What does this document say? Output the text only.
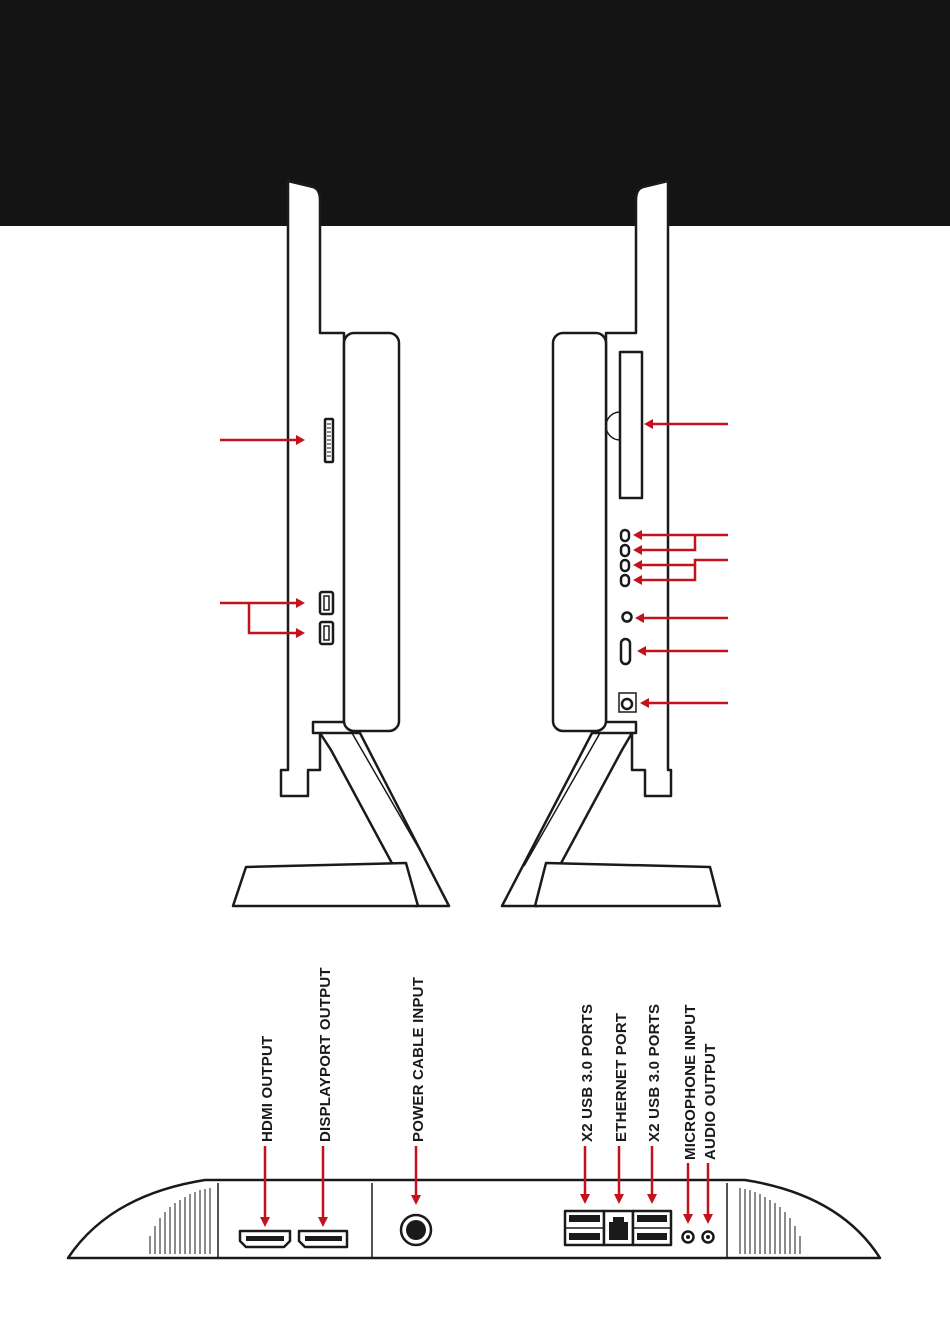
HDMI OUTPUT	DISPLAYPORT OUTPUT	POWER CABLE INPUT	X2 USB 3.0 PORTS ETHERNET PORT X2 USB 3.0 PORTS MICROPHONE INPUT AUDIO OUTPUT
